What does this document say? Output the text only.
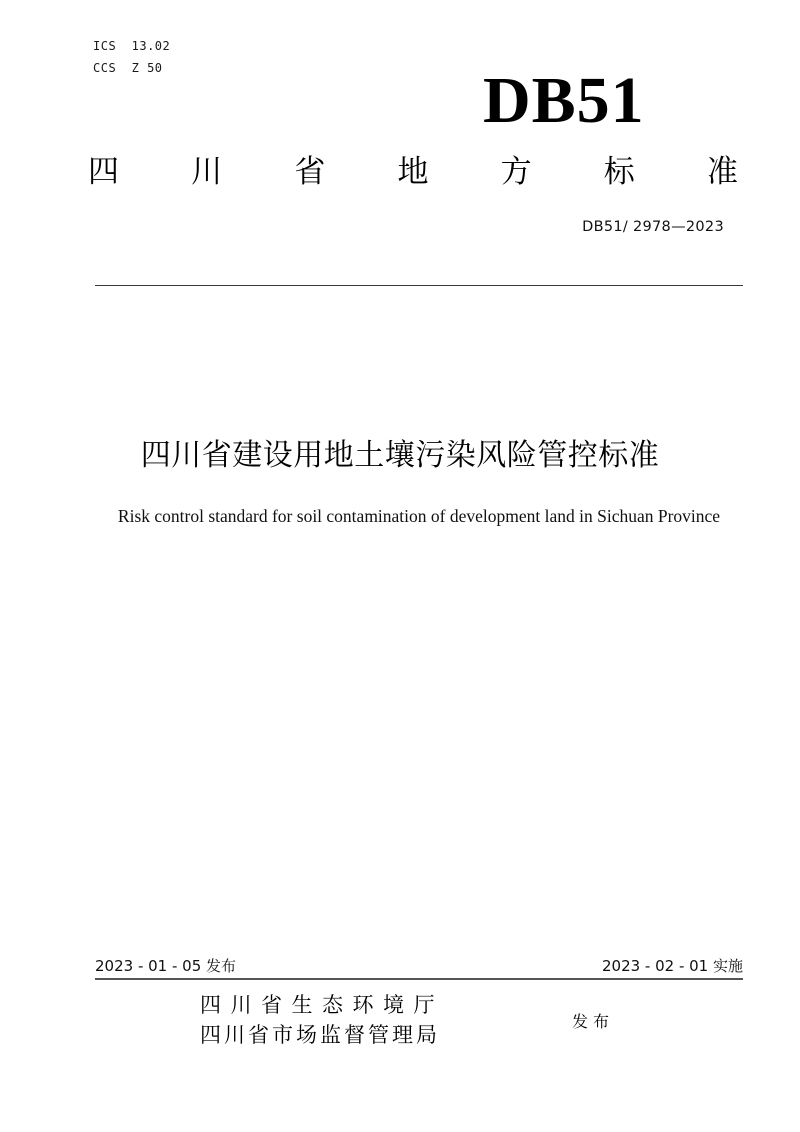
ICS  13.02
CCS  Z 50	DB51
四 川 省 地 方 标 准
DB51/ 2978—2023
四川省建设用地土壤污染风险管控标准
Risk control standard for soil contamination of development land in Sichuan Province
2023 - 01 - 05 发布	2023 - 02 - 01 实施
四川省生态环境厅
四川省市场监督管理局
发布
